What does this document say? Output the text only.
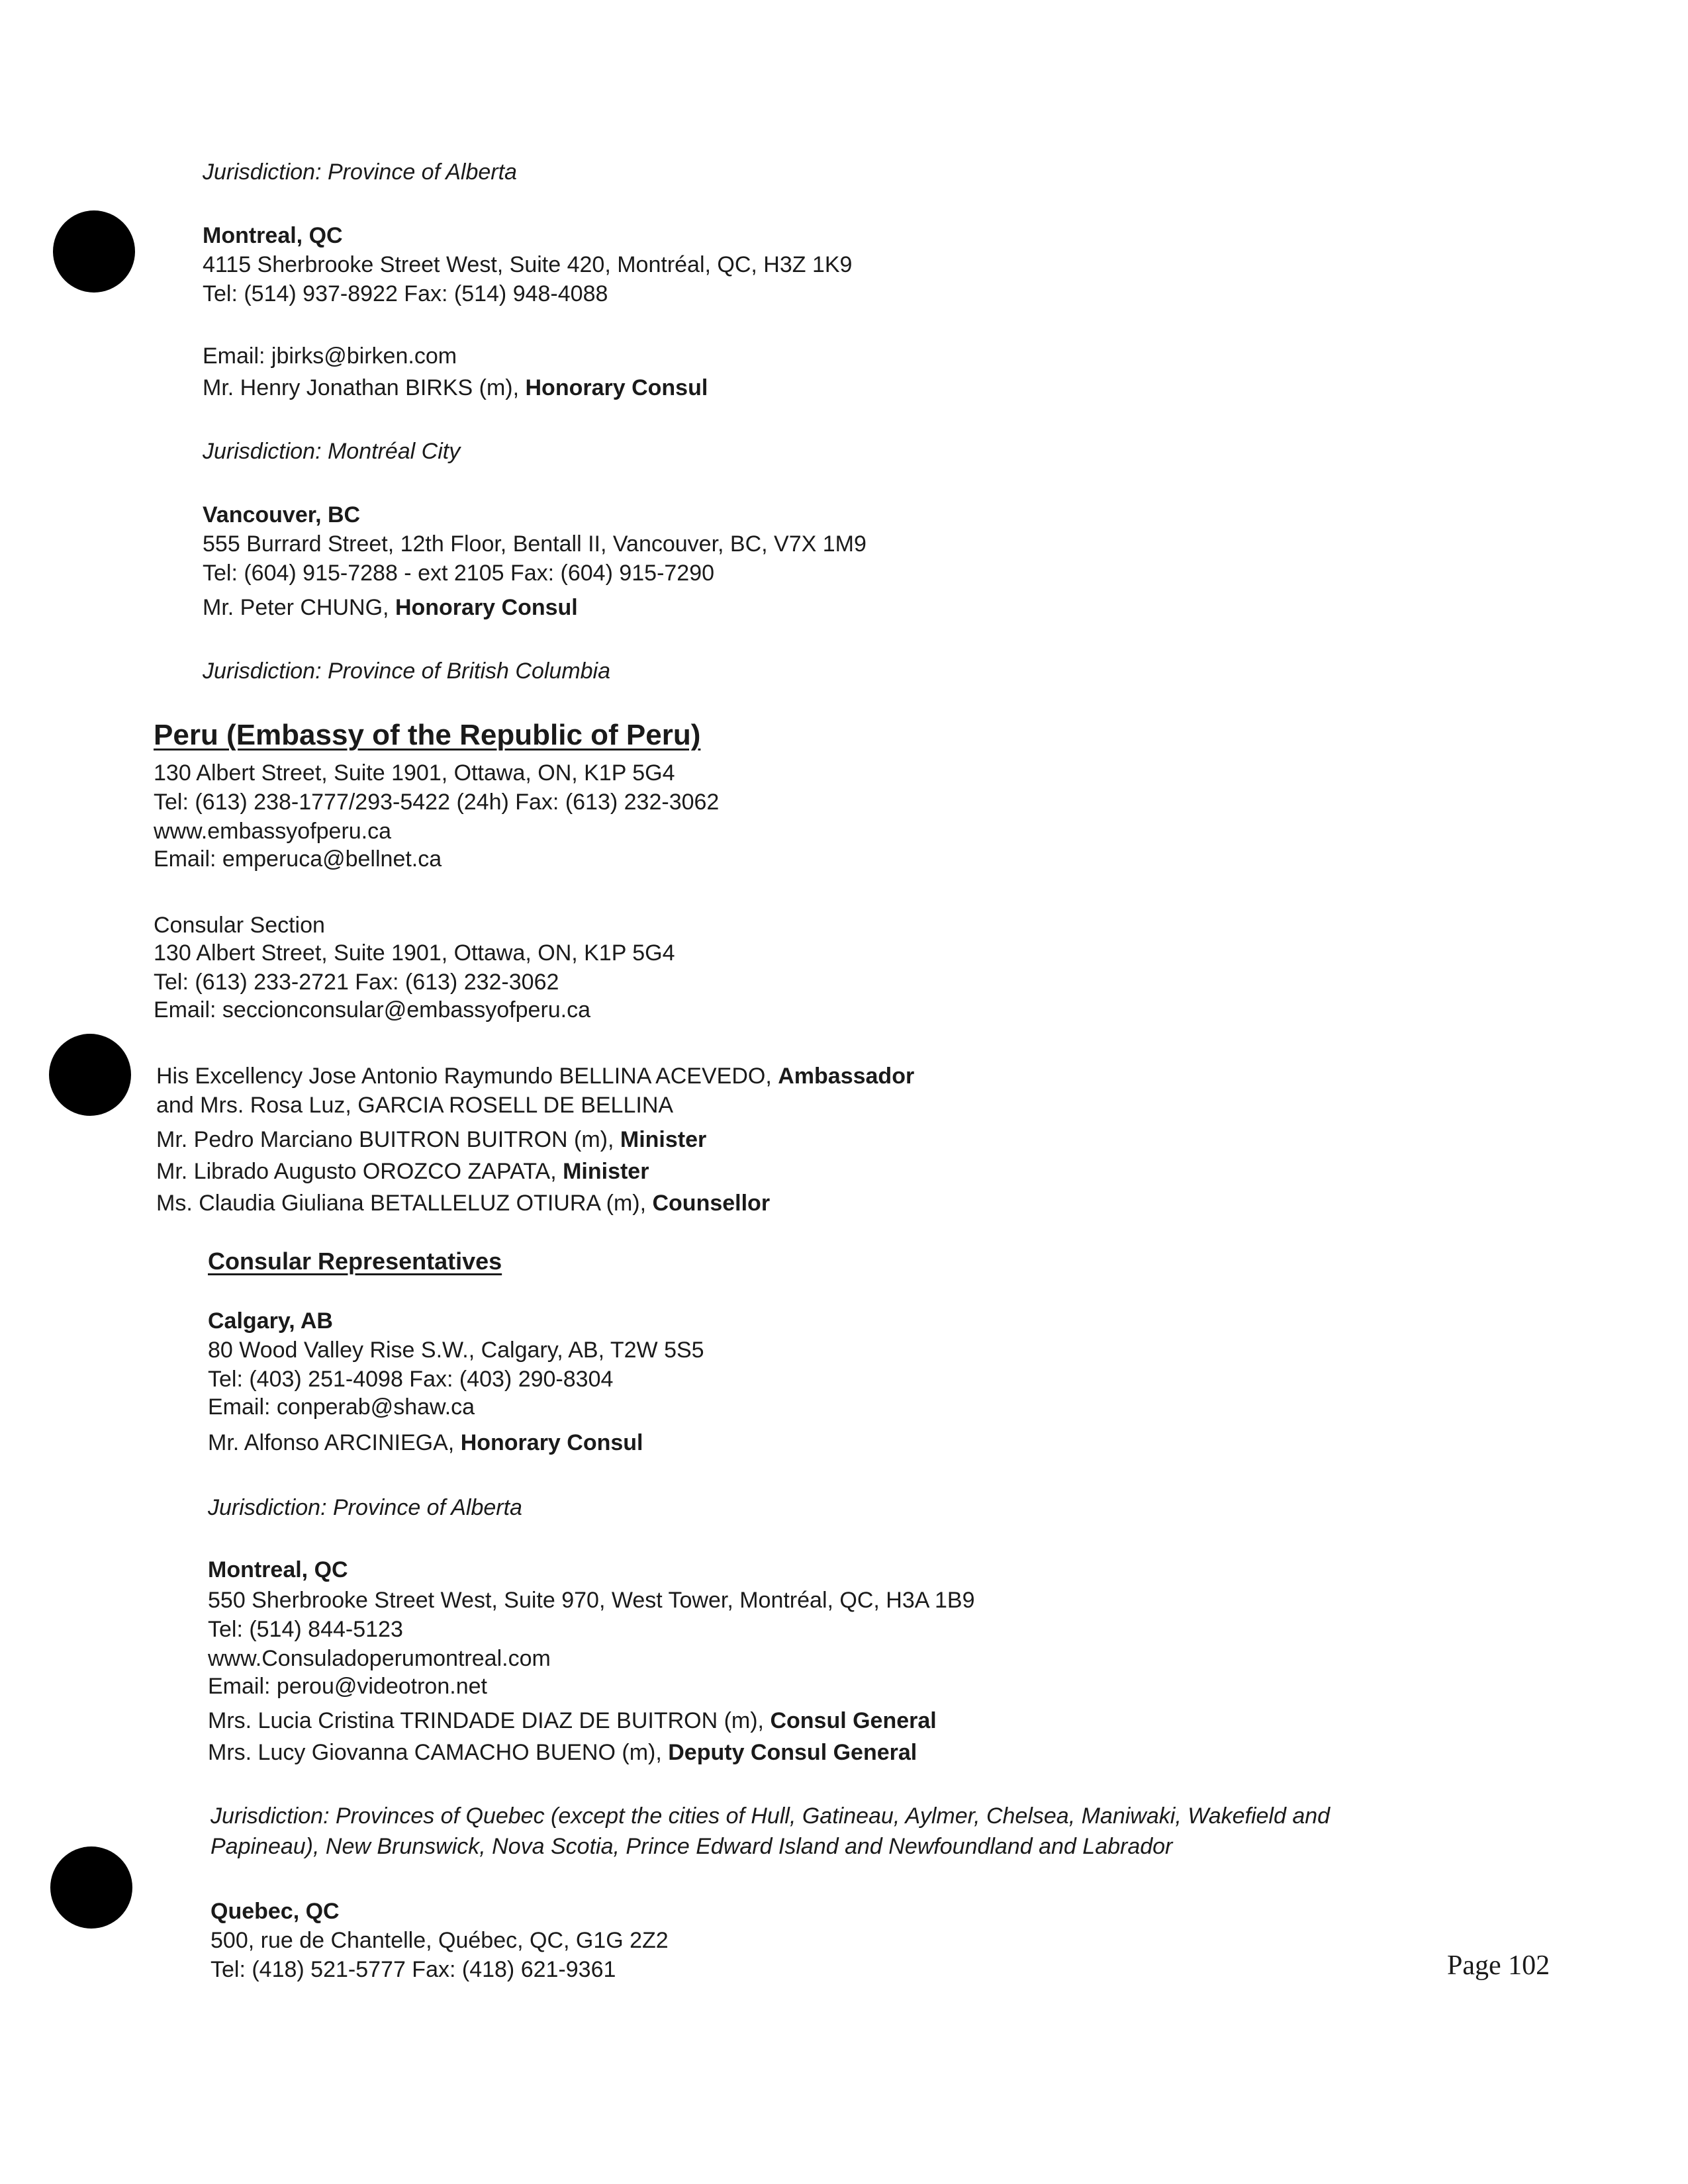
Jurisdiction: Province of Alberta

Montreal, QC

4115 Sherbrooke Street West, Suite 420, Montréal, QC, H3Z 1K9

Tel: (514) 937-8922 Fax: (514) 948-4088

Email: jbirks@birken.com

Mr. Henry Jonathan BIRKS (m), Honorary Consul

Jurisdiction: Montréal City

Vancouver, BC

555 Burrard Street, 12th Floor, Bentall II, Vancouver, BC, V7X 1M9

Tel: (604) 915-7288 - ext 2105 Fax: (604) 915-7290

Mr. Peter CHUNG, Honorary Consul

Jurisdiction: Province of British Columbia

Peru (Embassy of the Republic of Peru)

130 Albert Street, Suite 1901, Ottawa, ON, K1P 5G4

Tel: (613) 238-1777/293-5422 (24h) Fax: (613) 232-3062

www.embassyofperu.ca

Email: emperuca@bellnet.ca

Consular Section

130 Albert Street, Suite 1901, Ottawa, ON, K1P 5G4

Tel: (613) 233-2721 Fax: (613) 232-3062

Email: seccionconsular@embassyofperu.ca

His Excellency Jose Antonio Raymundo BELLINA ACEVEDO, Ambassador

and Mrs. Rosa Luz, GARCIA ROSELL DE BELLINA

Mr. Pedro Marciano BUITRON BUITRON (m), Minister

Mr. Librado Augusto OROZCO ZAPATA, Minister

Ms. Claudia Giuliana BETALLELUZ OTIURA (m), Counsellor

Consular Representatives

Calgary, AB

80 Wood Valley Rise S.W., Calgary, AB, T2W 5S5

Tel: (403) 251-4098 Fax: (403) 290-8304

Email: conperab@shaw.ca

Mr. Alfonso ARCINIEGA, Honorary Consul

Jurisdiction: Province of Alberta

Montreal, QC

550 Sherbrooke Street West, Suite 970, West Tower, Montréal, QC, H3A 1B9

Tel: (514) 844-5123

www.Consuladoperumontreal.com

Email: perou@videotron.net

Mrs. Lucia Cristina TRINDADE DIAZ DE BUITRON (m), Consul General

Mrs. Lucy Giovanna CAMACHO BUENO (m), Deputy Consul General

Jurisdiction: Provinces of Quebec (except the cities of Hull, Gatineau, Aylmer, Chelsea, Maniwaki, Wakefield and

Papineau), New Brunswick, Nova Scotia, Prince Edward Island and Newfoundland and Labrador

Quebec, QC

500, rue de Chantelle, Québec, QC, G1G 2Z2

Tel: (418) 521-5777 Fax: (418) 621-9361	Page 102
